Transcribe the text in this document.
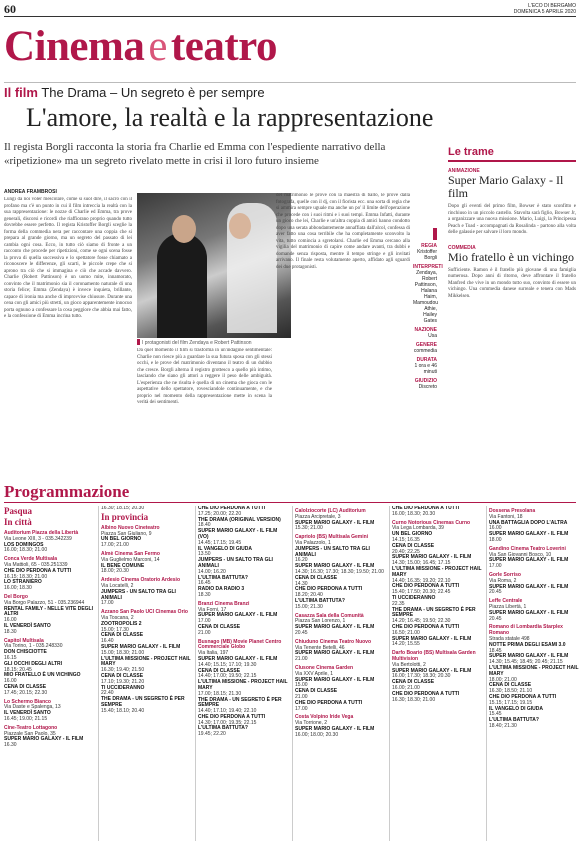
60	L'ECO DI BERGAMO
DOMENICA 5 APRILE 2020
Cinemaeteatro
Il film The Drama – Un segreto è per sempre
L'amore, la realtà e la rappresentazione

Il regista Borgli racconta la storia fra Charlie ed Emma con l'espediente narrativo della «ripetizione» ma un segreto rivelato mette in crisi il loro futuro insieme

ANDREA FRAMBROSI
Lungi da noi voler mescolare, come si suol dire, il sacro con il profano ma c'è un punto in cui il film intreccia la realtà con la sua rappresentazione: le nozze di Charlie ed Emma, tra prove generali, discorsi e ricordi che riaffiorano proprio quando tutto dovrebbe essere perfetto. Il regista Kristoffer Borgli sceglie la forma della commedia nera per raccontare una coppia che si prepara al grande giorno, ma un segreto del passato di lei cambia ogni cosa. Ecco, in tutto ciò siamo di fronte a un racconto che procede per ripetizioni, come se ogni scena fosse la prova di quella successiva e lo spettatore fosse chiamato a riconoscere le differenze, gli scarti, le piccole crepe che si aprono tra ciò che si immagina e ciò che accade davvero. Charlie (Robert Pattinson) è un uomo mite, innamorato, convinto che il matrimonio sia il coronamento naturale di una storia felice; Emma (Zendaya) è invece inquieta, brillante, capace di ironia ma anche di improvvise chiusure. Durante una cena con gli amici più stretti, un gioco apparentemente innocuo porta ognuno a confessare la cosa peggiore che abbia mai fatto, e la confessione di Emma incrina tutto.
I protagonisti del film Zendaya e Robert Pattinson
Da quel momento il film si trasforma in un'indagine sentimentale: Charlie non riesce più a guardare la sua futura sposa con gli stessi occhi, e le prove del matrimonio diventano il teatro di un dubbio che cresce. Borgli alterna il registro grottesco a quello più intimo, lasciando che siano gli attori a reggere il peso delle ambiguità. L'esperienza che ne risulta è quella di un cinema che gioca con le aspettative dello spettatore, rovesciandole continuamente, e che proprio nel momento della rappresentazione mette in scena la verità dei sentimenti.
del matrimonio le prove con la maestra di ballo, le prove dalla fotografa, quelle con il dj, con il fiorista ecc. una sorta di regia che si ammira sempre uguale ma anche un po' il limite dell'operazione che procede con i suoi ritmi e i suoi tempi. Emma Infatti, durante un gioco che lei, Charlie e un'altra coppia di amici hanno condotto dopo una serata abbondantemente annaffiata dall'alcol, confessa di aver fatto una cosa terribile che ha completamente sconvolto la vita, tutto comincia a sgretolarsi. Charlie ed Emma cercano alla vigilia del matrimonio di capire come andare avanti, tra dubbi e domande senza risposta, mentre il tempo stringe e gli invitati arrivano. Il finale resta volutamente aperto, affidato agli sguardi dei due protagonisti.
REGIA
Kristoffer Borgli
INTERPRETI
Zendaya, Robert Pattinson, Halana Haim, Mamoudou Athie, Hailey Gates
NAZIONE
Usa
GENERE
commedia
DURATA
1 ora e 46 minuti
GIUDIZIO
Discreto
Le trame
ANIMAZIONE
Super Mario Galaxy - Il film
Dopo gli eventi del primo film, Bowser è stato sconfitto e rinchiuso in un piccolo castello. Stavolta sarà figlio, Bowser Jr, a organizzare una nuova missione. Mario, Luigi, la Principessa Peach e Toad - accompagnati da Rosalinda - partono alla volta delle galassie per salvare il loro mondo.
COMMEDIA
Mio fratello è un vichingo
Sufficiente. Ramon è il fratello più giovane di una famiglia numerosa. Dopo anni di ritorno, deve affrontare il fratello Manfred che vive in un mondo tutto suo, convinto di essere un vichingo. Una commedia danese surreale e tenera con Mads Mikkelsen.
Programmazione
Pasqua
In città
Auditorium Piazza della Libertà
Via Leone XIII, 3 - 035.342239
LOS DOMINGOS
16.00; 18.30; 21.00
Conca Verde Multisala
Via Mattioli, 65 - 035.251339
CHE DIO PERDONA A TUTTI
16.15; 18.30; 21.00
LO STRANIERO
16.00; 18.30
Del Borgo
Via Borgo Palazzo, 51 - 035.236944
RENTAL FAMILY - NELLE VITE DEGLI ALTRI
16.00
IL VENERDÌ SANTO
18.30
Capitol Multisala
Via Torino, 1 - 035.248330
DON CHISCIOTTE
16.15
GLI OCCHI DEGLI ALTRI
18.15; 20.45
MIO FRATELLO È UN VICHINGO
16.00
CENA DI CLASSE
17.45; 20.15; 22.30
Lo Schermo Bianco
Via Daste e Spalenga, 13
IL VENERDÌ SANTO
16.45; 19.00; 21.15
Cine-Teatro Lottagono
Piazzale San Paolo, 35
SUPER MARIO GALAXY - IL FILM
16.30
16.30; 18.15; 20.30
In provincia
Albino Nuovo Cineteatro
Piazza San Giuliano, 9
UN BEL GIORNO
17.00; 21.00
Almè Cinema San Fermo
Via Guglielmo Marconi, 14
IL BENE COMUNE
18.00; 20.30
Ardesio Cinema Oratorio Ardesio
Via Locatelli, 2
JUMPERS - UN SALTO TRA GLI ANIMALI
17.00
Azzano San Paolo UCI Cinemas Orio
Via Toscana, 2
ZOOTROPOLIS 2
15.00; 17.30
CENA DI CLASSE
16.40
SUPER MARIO GALAXY - IL FILM
15.00; 18.30; 21.00
L'ULTIMA MISSIONE - PROJECT HAIL MARY
16.30; 19.40; 21.50
CENA DI CLASSE
17.10; 19.30; 21.20
TI UCCIDERANNO
22.40
THE DRAMA - UN SEGRETO È PER SEMPRE
15.40; 18.10; 20.40
CHE DIO PERDONA A TUTTI
17.25; 20.00; 22.20
THE DRAMA (ORIGINAL VERSION)
18.40
SUPER MARIO GALAXY - IL FILM (VO)
14.45; 17.15; 19.45
IL VANGELO DI GIUDA
13.50
JUMPERS - UN SALTO TRA GLI ANIMALI
14.00; 16.20
L'ULTIMA BATTUTA?
16.45
RADIO DA RADIO 3
18.30
Branzi Cinema Branzi
Via Forni, 17
SUPER MARIO GALAXY - IL FILM
17.00
CENA DI CLASSE
21.00
Busnago (MB) Movie Planet Centro Commerciale Globo
Via Italia, 197
SUPER MARIO GALAXY - IL FILM
14.40; 15.15; 17.10; 19.30
CENA DI CLASSE
14.40; 17.00; 19.50; 22.15
L'ULTIMA MISSIONE - PROJECT HAIL MARY
17.00; 18.15; 21.30
THE DRAMA - UN SEGRETO È PER SEMPRE
14.40; 17.10; 19.40; 22.10
CHE DIO PERDONA A TUTTI
14.30; 17.00; 19.35; 22.15
L'ULTIMA BATTUTA?
19.45; 22.20
Calolziocorte (LC) Auditorium
Piazza Arcipretale, 3
SUPER MARIO GALAXY - IL FILM
15.30; 21.00
Capriolo (BS) Multisala Gemini
Via Palazzolo, 1
JUMPERS - UN SALTO TRA GLI ANIMALI
16.20
SUPER MARIO GALAXY - IL FILM
14.30; 16.30; 17.30; 18.30; 19.50; 21.00
CENA DI CLASSE
14.30
CHE DIO PERDONA A TUTTI
18.20; 20.40
L'ULTIMA BATTUTA?
15.00; 21.30
Casazza Sala della Comunità
Piazza San Lorenzo, 1
SUPER MARIO GALAXY - IL FILM
20.45
Chiuduno Cinema Teatro Nuovo
Via Tenente Betelli, 46
SUPER MARIO GALAXY - IL FILM
21.00
Clusone Cinema Garden
Via XXV Aprile, 1
SUPER MARIO GALAXY - IL FILM
15.00
CENA DI CLASSE
21.00
CHE DIO PERDONA A TUTTI
17.00
Costa Volpino Iride Vega
Via Torrione, 2
SUPER MARIO GALAXY - IL FILM
16.00; 18.00; 20.30
CHE DIO PERDONA A TUTTI
16.00; 18.30; 20.30
Curno Notorious Cinemas Curno
Via Lega Lombarda, 39
UN BEL GIORNO
14.15; 16.35
CENA DI CLASSE
20.40; 22.25
SUPER MARIO GALAXY - IL FILM
14.30; 15.00; 16.45; 17.15
L'ULTIMA MISSIONE - PROJECT HAIL MARY
14.40; 16.35; 19.20; 22.10
CHE DIO PERDONA A TUTTI
15.40; 17.50; 20.30; 22.45
TI UCCIDERANNO
22.35
THE DRAMA - UN SEGRETO È PER SEMPRE
14.20; 16.45; 19.50; 22.30
CHE DIO PERDONA A TUTTI
16.50; 21.00
SUPER MARIO GALAXY - IL FILM
14.20; 15.55
Darfo Boario (BS) Multisala Garden Multivision
Via Bertolotti, 2
SUPER MARIO GALAXY - IL FILM
16.00; 17.30; 18.30; 20.30
CENA DI CLASSE
16.00; 21.00
CHE DIO PERDONA A TUTTI
16.30; 18.30; 21.00
Dossena Presolana
Via Fantoni, 18
UNA BATTAGLIA DOPO L'ALTRA
16.00
SUPER MARIO GALAXY - IL FILM
18.00
Gandino Cinema Teatro Loverini
Via San Giovanni Bosco, 10
SUPER MARIO GALAXY - IL FILM
17.00
Gorle Sorriso
Via Roma, 2
SUPER MARIO GALAXY - IL FILM
20.45
Leffe Centrale
Piazza Libertà, 1
SUPER MARIO GALAXY - IL FILM
20.45
Romano di Lombardia Starplex Romano
Strada statale 498
NOTTE PRIMA DEGLI ESAMI 3.0
18.45
SUPER MARIO GALAXY - IL FILM
14.30; 15.45; 18.45; 20.45; 21.15
L'ULTIMA MISSIONE - PROJECT HAIL MARY
18.00; 21.00
CENA DI CLASSE
16.30; 18.50; 21.10
CHE DIO PERDONA A TUTTI
15.15; 17.15; 19.15
IL VANGELO DI GIUDA
15.45
L'ULTIMA BATTUTA?
18.40; 21.30
